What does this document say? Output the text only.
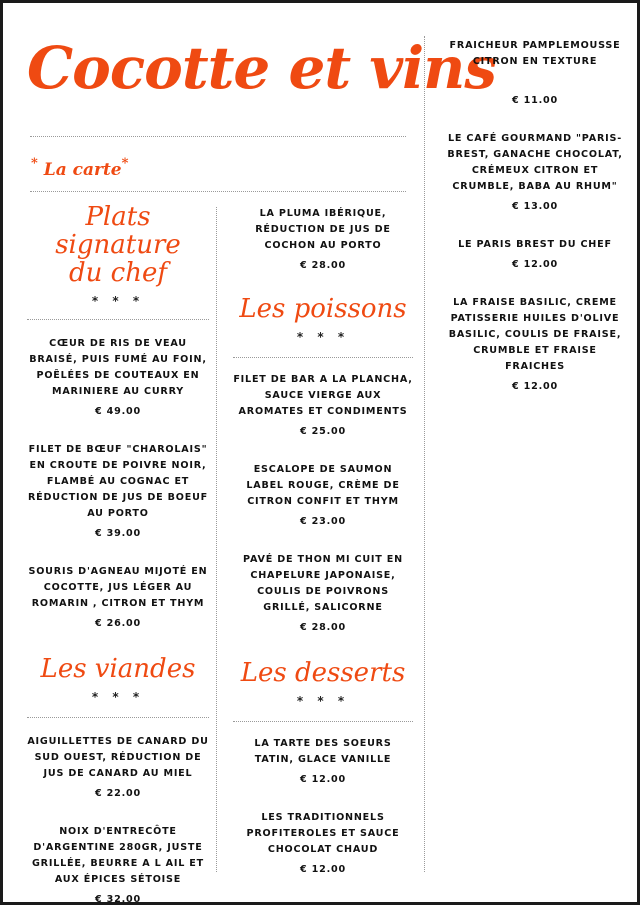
Cocotte et vins
* La carte*
Plats signature
du chef
* * *

CŒUR DE RIS DE VEAU BRAISÉ, PUIS FUMÉ AU FOIN, POÊLÉES DE COUTEAUX EN MARINIERE AU CURRY

€ 49.00

FILET DE BŒUF "CHAROLAIS" EN CROUTE DE POIVRE NOIR, FLAMBÉ AU COGNAC ET RÉDUCTION DE JUS DE BOEUF AU PORTO

€ 39.00

SOURIS D'AGNEAU MIJOTÉ EN COCOTTE, JUS LÉGER AU ROMARIN , CITRON ET THYM

€ 26.00
Les viandes
* * *

AIGUILLETTES DE CANARD DU SUD OUEST, RÉDUCTION DE JUS DE CANARD AU MIEL

€ 22.00

NOIX D'ENTRECÔTE D'ARGENTINE 280GR, JUSTE GRILLÉE, BEURRE A L AIL ET AUX ÉPICES SÉTOISE

€ 32.00

LA PLUMA IBÉRIQUE, RÉDUCTION DE JUS DE COCHON AU PORTO

€ 28.00
Les poissons
* * *

FILET DE BAR A LA PLANCHA, SAUCE VIERGE AUX AROMATES ET CONDIMENTS

€ 25.00

ESCALOPE DE SAUMON LABEL ROUGE, CRÈME DE CITRON CONFIT ET THYM

€ 23.00

PAVÉ DE THON MI CUIT EN CHAPELURE JAPONAISE, COULIS DE POIVRONS GRILLÉ, SALICORNE

€ 28.00
Les desserts
* * *

LA TARTE DES SOEURS TATIN, GLACE VANILLE

€ 12.00

LES TRADITIONNELS PROFITEROLES ET SAUCE CHOCOLAT CHAUD

€ 12.00

FRAICHEUR PAMPLEMOUSSE CITRON EN TEXTURE

€ 11.00

LE CAFÉ GOURMAND "PARIS-BREST, GANACHE CHOCOLAT, CRÉMEUX CITRON ET CRUMBLE, BABA AU RHUM"

€ 13.00

LE PARIS BREST DU CHEF

€ 12.00

LA FRAISE BASILIC, CREME PATISSERIE HUILES D'OLIVE BASILIC, COULIS DE FRAISE, CRUMBLE ET FRAISE FRAICHES

€ 12.00
